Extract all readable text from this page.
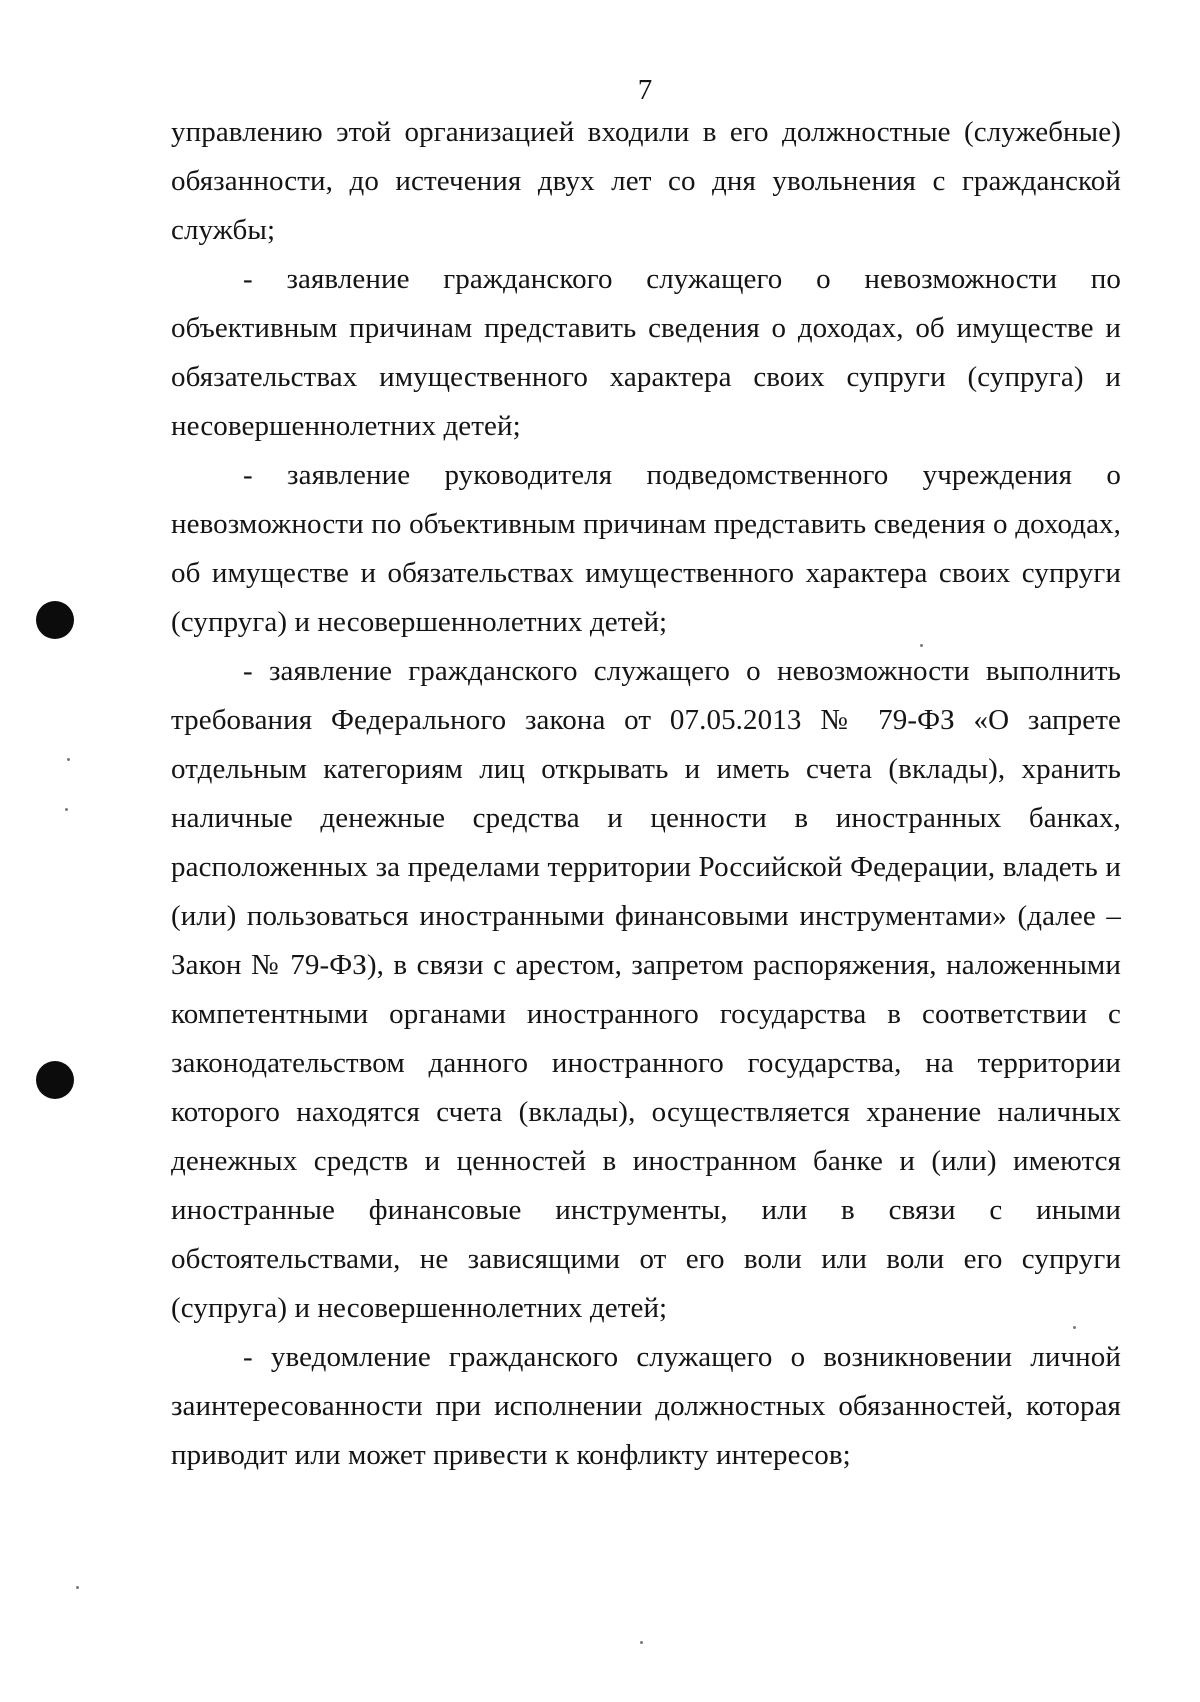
7

управлению этой организацией входили в его должностные (служебные) обязанности, до истечения двух лет со дня увольнения с гражданской службы;

- заявление гражданского служащего о невозможности по объективным причинам представить сведения о доходах, об имуществе и обязательствах имущественного характера своих супруги (супруга) и несовершеннолетних детей;

- заявление руководителя подведомственного учреждения о невозможности по объективным причинам представить сведения о доходах, об имуществе и обязательствах имущественного характера своих супруги (супруга) и несовершеннолетних детей;

- заявление гражданского служащего о невозможности выполнить требования Федерального закона от 07.05.2013 № 79-ФЗ «О запрете отдельным категориям лиц открывать и иметь счета (вклады), хранить наличные денежные средства и ценности в иностранных банках, расположенных за пределами территории Российской Федерации, владеть и (или) пользоваться иностранными финансовыми инструментами» (далее – Закон № 79-ФЗ), в связи с арестом, запретом распоряжения, наложенными компетентными органами иностранного государства в соответствии с законодательством данного иностранного государства, на территории которого находятся счета (вклады), осуществляется хранение наличных денежных средств и ценностей в иностранном банке и (или) имеются иностранные финансовые инструменты, или в связи с иными обстоятельствами, не зависящими от его воли или воли его супруги (супруга) и несовершеннолетних детей;

- уведомление гражданского служащего о возникновении личной заинтересованности при исполнении должностных обязанностей, которая приводит или может привести к конфликту интересов;
